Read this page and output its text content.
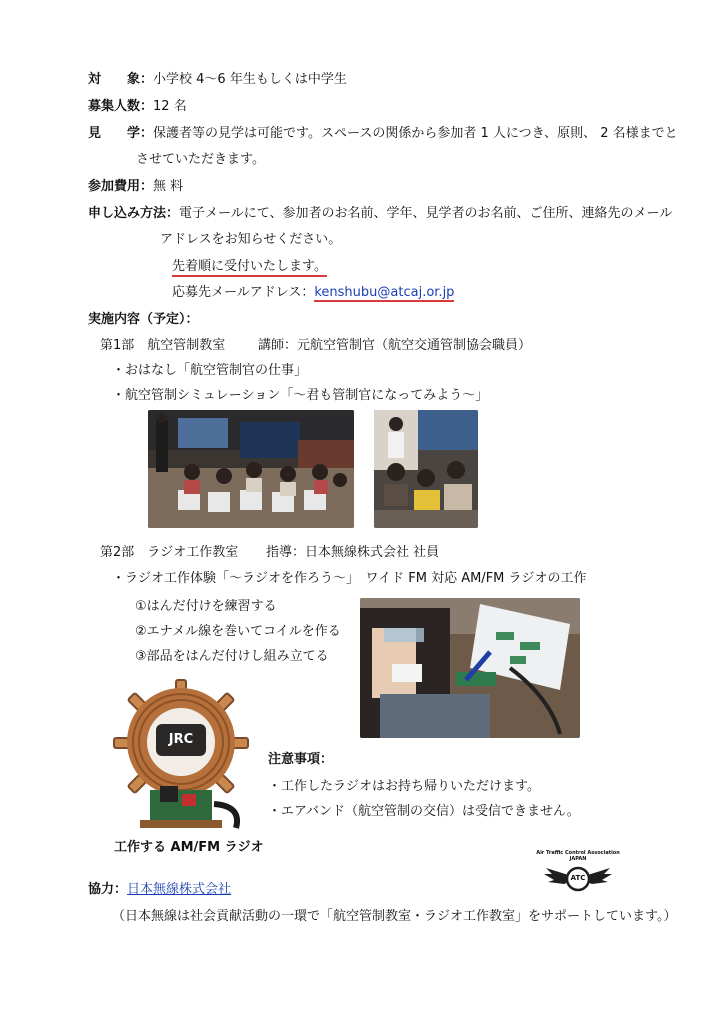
対　　象：小学校 4〜6 年生もしくは中学生
募集人数：12 名
見　　学：保護者等の見学は可能です。スペースの関係から参加者 1 人につき、原則、 2 名様までと
させていただきます。
参加費用：無 料
申し込み方法：電子メールにて、参加者のお名前、学年、見学者のお名前、ご住所、連絡先のメール
アドレスをお知らせください。
先着順に受付いたします。
応募先メールアドレス：kenshubu@atcaj.or.jp
実施内容（予定）：
第1部　航空管制教室	講師：元航空管制官（航空交通管制協会職員）
・おはなし「航空管制官の仕事」
・航空管制シミュレーション「〜君も管制官になってみよう〜」
第2部　ラジオ工作教室 指導：日本無線株式会社 社員
・ラジオ工作体験「〜ラジオを作ろう〜」　ワイド FM 対応 AM/FM ラジオの工作
①はんだ付けを練習する
②エナメル線を巻いてコイルを作る
③部品をはんだ付けし組み立てる
JRC
工作する AM/FM ラジオ
注意事項：
・工作したラジオはお持ち帰りいただけます。
・エアバンド（航空管制の交信）は受信できません。
Air Traffic Control Association
JAPAN
ATC
協力：日本無線株式会社
（日本無線は社会貢献活動の一環で「航空管制教室・ラジオ工作教室」をサポートしています。）
